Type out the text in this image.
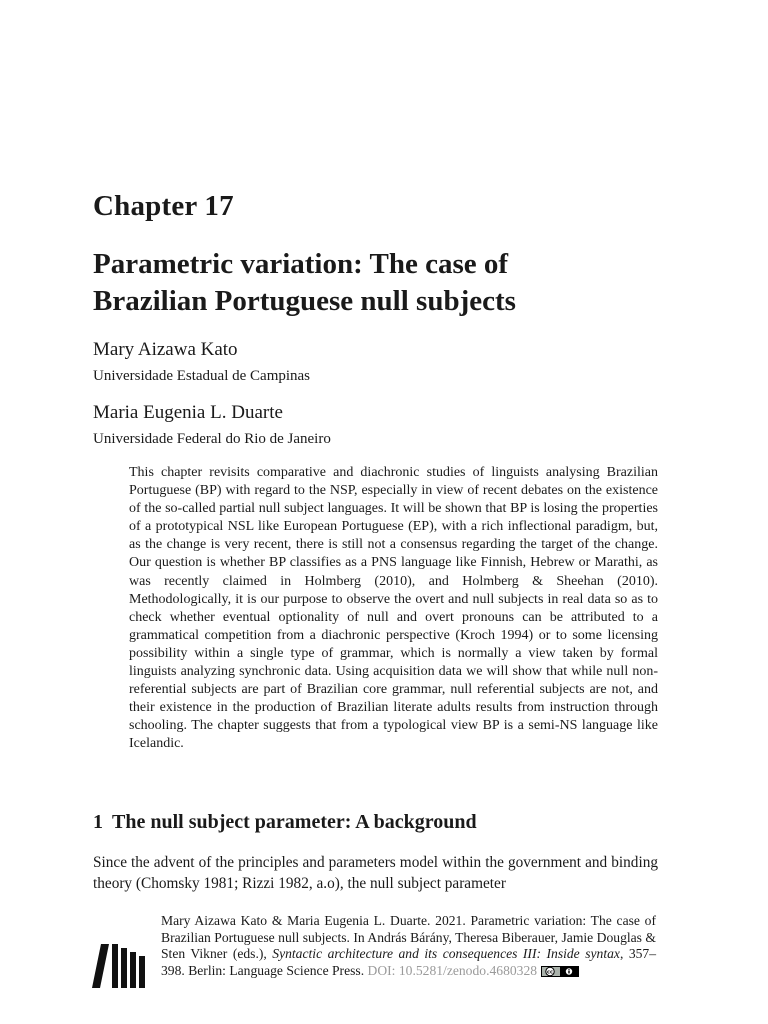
Chapter 17
Parametric variation: The case of
Brazilian Portuguese null subjects

Mary Aizawa Kato

Universidade Estadual de Campinas

Maria Eugenia L. Duarte

Universidade Federal do Rio de Janeiro

This chapter revisits comparative and diachronic studies of linguists analysing Brazilian Portuguese (BP) with regard to the NSP, especially in view of recent debates on the existence of the so-called partial null subject languages. It will be shown that BP is losing the properties of a prototypical NSL like European Portuguese (EP), with a rich inflectional paradigm, but, as the change is very recent, there is still not a consensus regarding the target of the change. Our question is whether BP classifies as a PNS language like Finnish, Hebrew or Marathi, as was recently claimed in Holmberg (2010), and Holmberg & Sheehan (2010). Methodologically, it is our purpose to observe the overt and null subjects in real data so as to check whether eventual optionality of null and overt pronouns can be attributed to a grammatical competition from a diachronic perspective (Kroch 1994) or to some licensing possibility within a single type of grammar, which is normally a view taken by formal linguists analyzing synchronic data. Using acquisition data we will show that while null non-referential subjects are part of Brazilian core grammar, null referential subjects are not, and their existence in the production of Brazilian literate adults results from instruction through schooling. The chapter suggests that from a typological view BP is a semi-NS language like Icelandic.

1 The null subject parameter: A background

Since the advent of the principles and parameters model within the government and binding theory (Chomsky 1981; Rizzi 1982, a.o), the null subject parameter

Mary Aizawa Kato & Maria Eugenia L. Duarte. 2021. Parametric variation: The case of Brazilian Portuguese null subjects. In András Bárány, Theresa Biberauer, Jamie Douglas & Sten Vikner (eds.), Syntactic architecture and its consequences III: Inside syntax, 357–398. Berlin: Language Science Press. DOI: 10.5281/zenodo.4680328 cc
